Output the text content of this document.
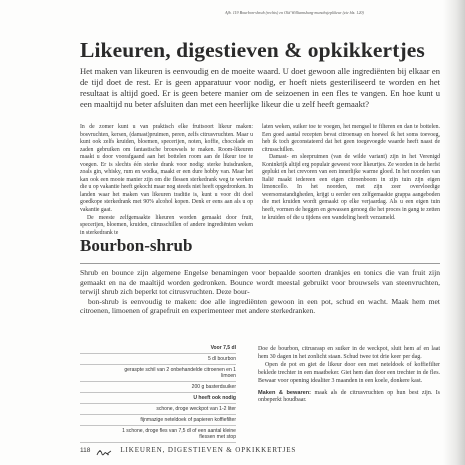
Afb. 119 Bourbon-shrub (rechts) en Old Williamsburg-munchsjeplikeur (zie blz. 120)
Likeuren, digestieven & opkikkertjes
Het maken van likeuren is eenvoudig en de moeite waard. U doet gewoon alle ingrediënten bij elkaar en de tijd doet de rest. Er is geen apparatuur voor nodig, er hoeft niets gesteriliseerd te worden en het resultaat is altijd goed. Er is geen betere manier om de seizoenen in een fles te vangen. En hoe kunt u een maaltijd nu beter afsluiten dan met een heerlijke likeur die u zelf heeft gemaakt?

In de zomer kunt u van praktisch elke fruitsoort likeur maken: bosvruchten, kersen, (damast)pruimen, peren, zelfs citrusvruchten. Maar u kunt ook zelfs kruiden, bloemen, specerijen, noten, koffie, chocolade en zaden gebruiken om fantastische brouwsels te maken. Room-likeuren maakt u door voorafgaand aan het bottelen room aan de likeur toe te voegen. Er is slechts één sterke drank voor nodig: sterke huisdranken, zoals gin, whisky, rum en wodka, maakt er een dure hobby van. Maar het kan ook een mooie manier zijn om die flessen sterkedrank weg te werken die u op vakantie heeft gekocht maar nog steeds niet heeft opgedronken. In landen waar het maken van likeuren traditie is, kunt u voor dit doel goedkope sterkedrank met 90% alcohol kopen. Denk er eens aan als u op vakantie gaat.

De meeste zelfgemaakte likeuren worden gemaakt door fruit, specerijen, bloemen, kruiden, citrusschillen of andere ingrediënten weken in sterkedrank te

laten weken, suiker toe te voegen, het mengsel te filteren en dan te bottelen. Een goed aantal recepten bevat citroensap en hoewel ik het soms toevoeg, heb ik toch geconstateerd dat het geen toegevoegde waarde heeft naast de citrusschillen.

Damast- en sleepruimen (van de wilde variant) zijn in het Verenigd Koninkrijk altijd erg populair geweest voor likeurtjes. Ze worden in de herfst geplukt en het crevoren van een innerlijke warme gloed. In het noorden van Italië maakt iedereen een eigen citroenboom in zijn tuin zijn eigen limoncello. In het noorden, met zijn zeer overvloedige weersomstandigheden, krijgt u eerder een zelfgemaakte grappa aangeboden die met kruiden wordt gemaakt op elke verjaardag. Als u een eigen tuin heeft, vormen de heggen en gewassen genoeg die het proces in gang te zetten te kruiden of die u tijdens een wandeling heeft verzameld.

Bourbon-shrub

Shrub en bounce zijn algemene Engelse benamingen voor bepaalde soorten drankjes en tonics die van fruit zijn gemaakt en na de maaltijd worden gedronken. Bounce wordt meestal gebruikt voor brouwsels van steenvruchten, terwijl shrub zich beperkt tot citrusvruchten. Deze bour-

bon-shrub is eenvoudig te maken: doe alle ingrediënten gewoon in een pot, schud en wacht. Maak hem met citroenen, limoenen of grapefruit en experimenteer met andere sterkedranken.

Voor 7,5 dl
5 dl bourbon
geraspte schil van 2 onbehandelde citroenen en 1 limoen
200 g basterdsuiker
U heeft ook nodig
schone, droge weckpot van 1-2 liter
fijnmazige neteldoek of papieren koffiefilter
1 schone, droge fles van 7,5 dl of een aantal kleine flessen met stop

Doe de bourbon, citrusrasp en suiker in de weckpot, sluit hem af en laat hem 30 dagen in het zonlicht staan. Schud twee tot drie keer per dag.

Open de pot en giet de likeur door een met neteldoek of koffiefilter beklede trechter in een maatbeker. Giet hem dan door een trechter in de fles. Bewaar voor opening idealiter 3 maanden in een koele, donkere kast.

Maken & bewaren: maak als de citrusvruchten op hun best zijn. Is onbeperkt houdbaar.

118	LIKEUREN, DIGESTIEVEN & OPKIKKERTJES
